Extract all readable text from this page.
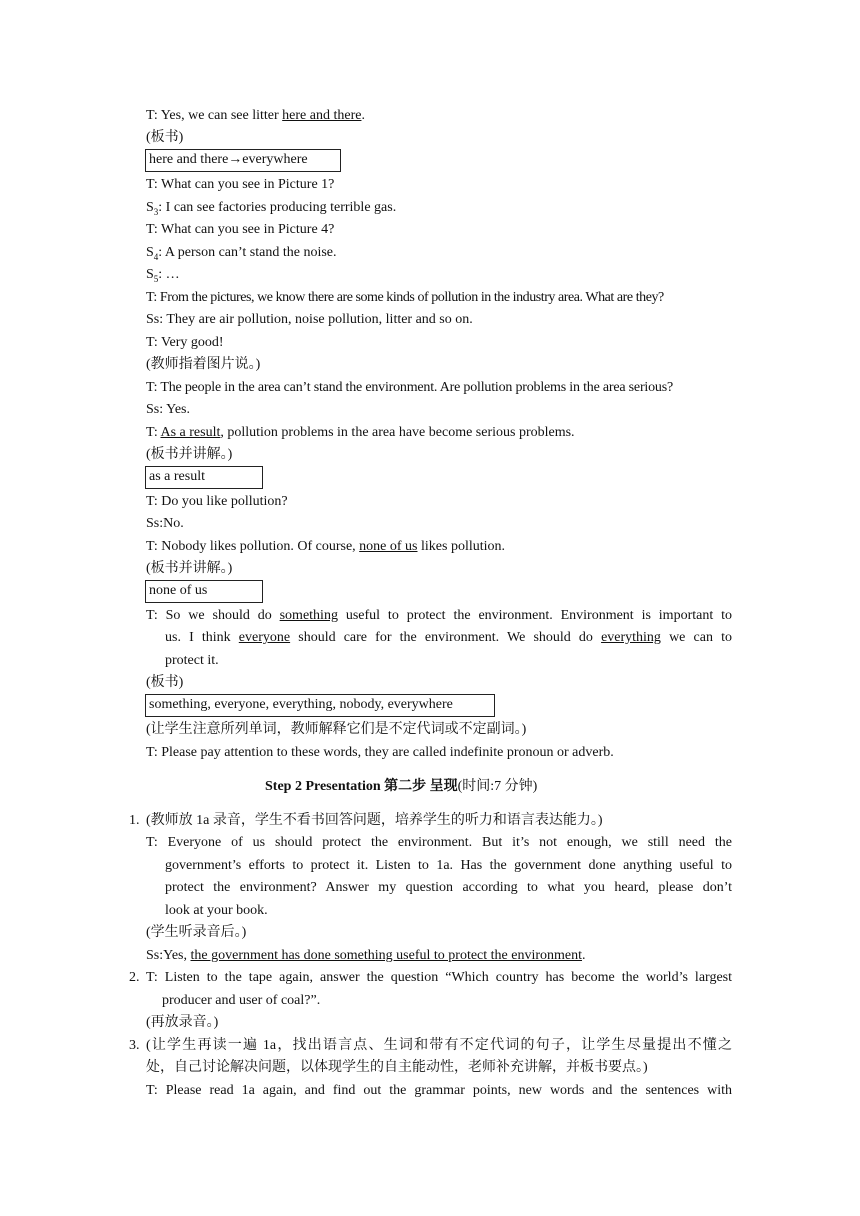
T: Yes, we can see litter here and there.
(板书)
here and there→everywhere
T: What can you see in Picture 1?
$S_3$: I can see factories producing terrible gas.
T: What can you see in Picture 4?
$S_4$: A person can’t stand the noise.
$S_5$: …
T: From the pictures, we know there are some kinds of pollution in the industry area. What are they?
Ss: They are air pollution, noise pollution, litter and so on.
T: Very good!
(教师指着图片说。)
T: The people in the area can’t stand the environment. Are pollution problems in the area serious?
Ss: Yes.
T: As a result, pollution problems in the area have become serious problems.
(板书并讲解。)
as a result
T: Do you like pollution?
Ss:No.
T: Nobody likes pollution. Of course, none of us likes pollution.
(板书并讲解。)
none of us
T: So we should do something useful to protect the environment. Environment is important to
us. I think everyone should care for the environment. We should do everything we can to
protect it.
(板书)
something, everyone, everything, nobody, everywhere
(让学生注意所列单词，教师解释它们是不定代词或不定副词。)
T: Please pay attention to these words, they are called indefinite pronoun or adverb.
Step 2 Presentation 第二步 呈现(时间:7 分钟)
1. (教师放 1a 录音，学生不看书回答问题，培养学生的听力和语言表达能力。)
T: Everyone of us should protect the environment. But it’s not enough, we still need the
government’s efforts to protect it. Listen to 1a. Has the government done anything useful to
protect the environment? Answer my question according to what you heard, please don’t
look at your book.
(学生听录音后。)
Ss:Yes, the government has done something useful to protect the environment.
2. T: Listen to the tape again, answer the question “Which country has become the world’s largest
producer and user of coal?”.
(再放录音。)
3. (让学生再读一遍 1a，找出语言点、生词和带有不定代词的句子，让学生尽量提出不懂之
处，自己讨论解决问题，以体现学生的自主能动性，老师补充讲解，并板书要点。)
T: Please read 1a again, and find out the grammar points, new words and the sentences with
